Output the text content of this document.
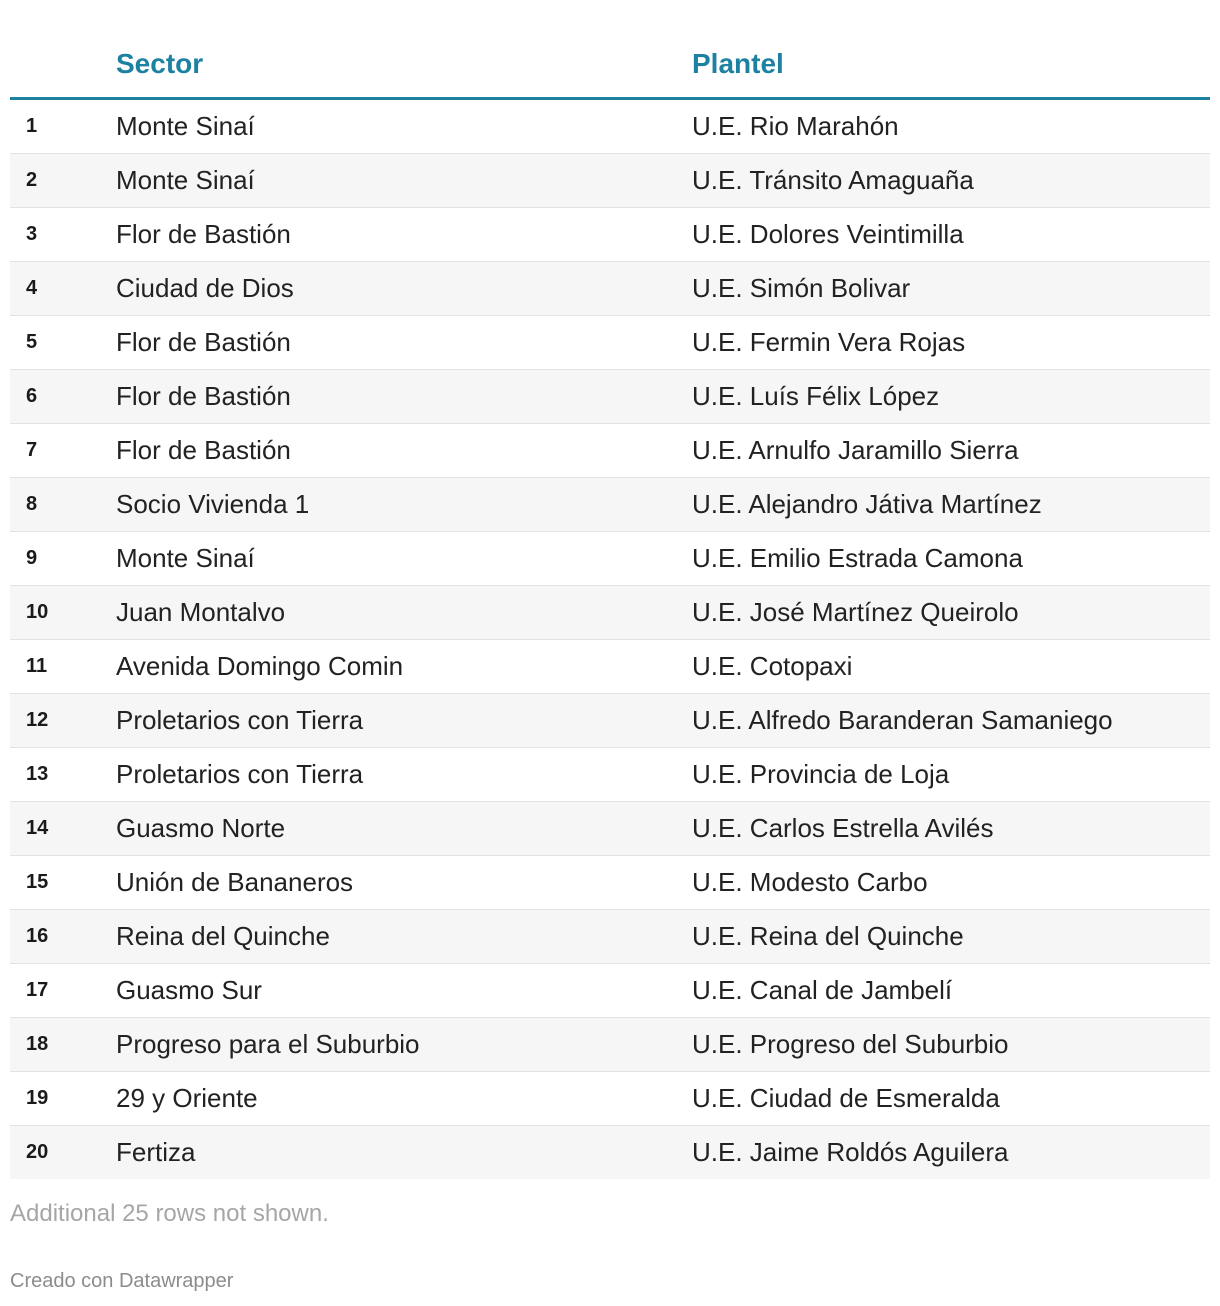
	Sector	Plantel
1	Monte Sinaí	U.E. Rio Marahón
2	Monte Sinaí	U.E. Tránsito Amaguaña
3	Flor de Bastión	U.E. Dolores Veintimilla
4	Ciudad de Dios	U.E. Simón Bolivar
5	Flor de Bastión	U.E. Fermin Vera Rojas
6	Flor de Bastión	U.E. Luís Félix López
7	Flor de Bastión	U.E. Arnulfo Jaramillo Sierra
8	Socio Vivienda 1	U.E. Alejandro Játiva Martínez
9	Monte Sinaí	U.E. Emilio Estrada Camona
10	Juan Montalvo	U.E. José Martínez Queirolo
11	Avenida Domingo Comin	U.E. Cotopaxi
12	Proletarios con Tierra	U.E. Alfredo Baranderan Samaniego
13	Proletarios con Tierra	U.E. Provincia de Loja
14	Guasmo Norte	U.E. Carlos Estrella Avilés
15	Unión de Bananeros	U.E. Modesto Carbo
16	Reina del Quinche	U.E. Reina del Quinche
17	Guasmo Sur	U.E. Canal de Jambelí
18	Progreso para el Suburbio	U.E. Progreso del Suburbio
19	29 y Oriente	U.E. Ciudad de Esmeralda
20	Fertiza	U.E. Jaime Roldós Aguilera
Additional 25 rows not shown.
Creado con Datawrapper
